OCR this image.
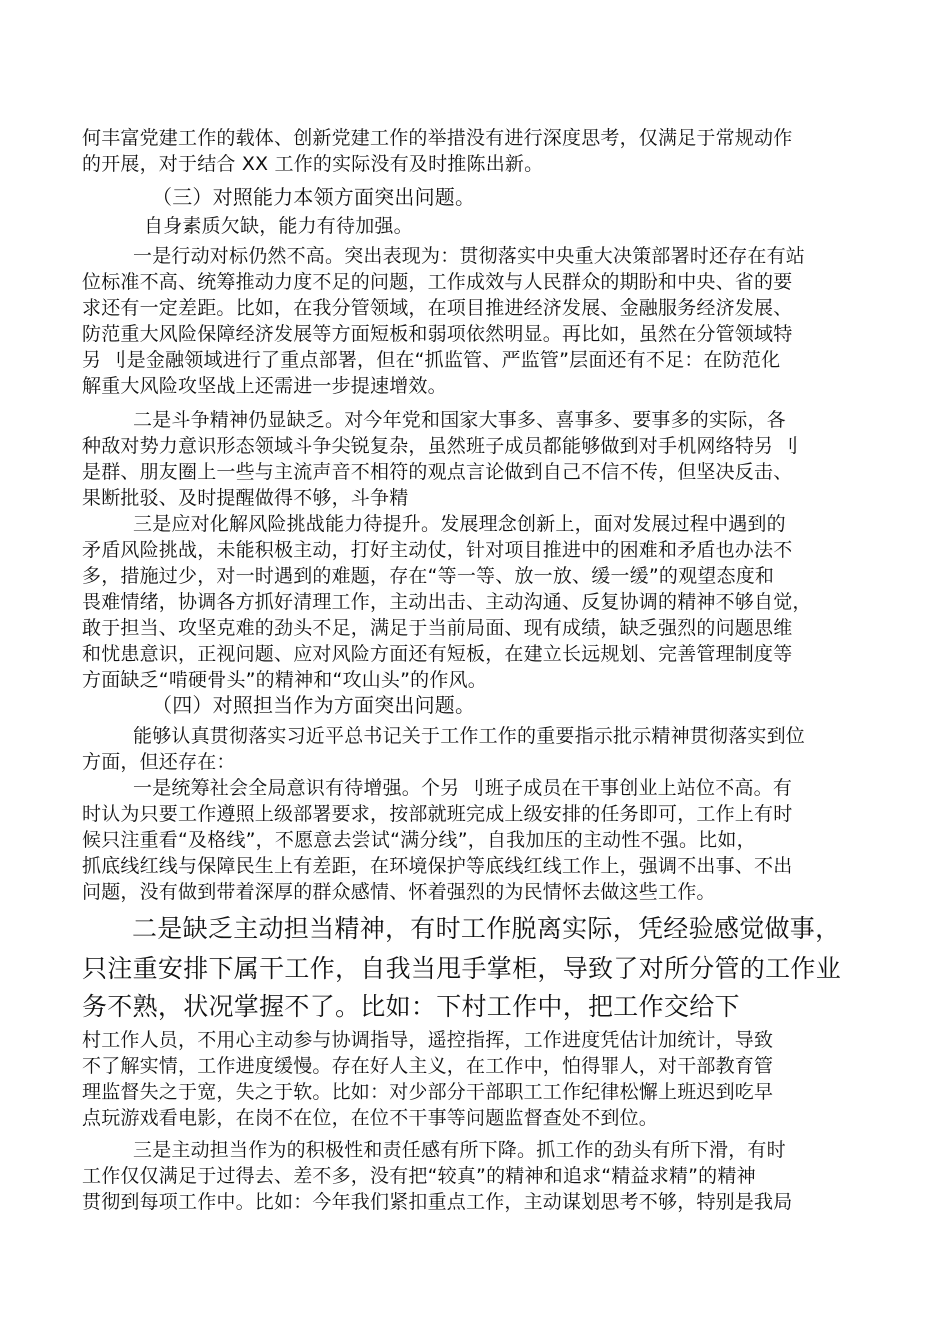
何丰富党建工作的载体、创新党建工作的举措没有进行深度思考，仅满足于常规动作
的开展，对于结合 XX 工作的实际没有及时推陈出新。
（三）对照能力本领方面突出问题。
自身素质欠缺，能力有待加强。
一是行动对标仍然不高。突出表现为：贯彻落实中央重大决策部署时还存在有站
位标准不高、统筹推动力度不足的问题，工作成效与人民群众的期盼和中央、省的要
求还有一定差距。比如，在我分管领域，在项目推进经济发展、金融服务经济发展、
防范重大风险保障经济发展等方面短板和弱项依然明显。再比如，虽然在分管领域特
另 刂是金融领域进行了重点部署，但在“抓监管、严监管”层面还有不足：在防范化
解重大风险攻坚战上还需进一步提速增效。
二是斗争精神仍显缺乏。对今年党和国家大事多、喜事多、要事多的实际，各
种敌对势力意识形态领域斗争尖锐复杂，虽然班子成员都能够做到对手机网络特另 刂
是群、朋友圈上一些与主流声音不相符的观点言论做到自己不信不传，但坚决反击、
果断批驳、及时提醒做得不够，斗争精
三是应对化解风险挑战能力待提升。发展理念创新上，面对发展过程中遇到的
矛盾风险挑战，未能积极主动，打好主动仗，针对项目推进中的困难和矛盾也办法不
多，措施过少，对一时遇到的难题，存在“等一等、放一放、缓一缓”的观望态度和
畏难情绪，协调各方抓好清理工作，主动出击、主动沟通、反复协调的精神不够自觉，
敢于担当、攻坚克难的劲头不足，满足于当前局面、现有成绩，缺乏强烈的问题思维
和忧患意识，正视问题、应对风险方面还有短板，在建立长远规划、完善管理制度等
方面缺乏“啃硬骨头”的精神和“攻山头”的作风。
（四）对照担当作为方面突出问题。
能够认真贯彻落实习近平总书记关于工作工作的重要指示批示精神贯彻落实到位
方面，但还存在：
一是统筹社会全局意识有待增强。个另 刂班子成员在干事创业上站位不高。有
时认为只要工作遵照上级部署要求，按部就班完成上级安排的任务即可，工作上有时
候只注重看“及格线”，不愿意去尝试“满分线”，自我加压的主动性不强。比如，
抓底线红线与保障民生上有差距，在环境保护等底线红线工作上，强调不出事、不出
问题，没有做到带着深厚的群众感情、怀着强烈的为民情怀去做这些工作。
二是缺乏主动担当精神，有时工作脱离实际，凭经验感觉做事，
只注重安排下属干工作，自我当甩手掌柜，导致了对所分管的工作业
务不熟，状况掌握不了。比如：下村工作中，把工作交给下
村工作人员，不用心主动参与协调指导，遥控指挥，工作进度凭估计加统计，导致
不了解实情，工作进度缓慢。存在好人主义，在工作中，怕得罪人，对干部教育管
理监督失之于宽，失之于软。比如：对少部分干部职工工作纪律松懈上班迟到吃早
点玩游戏看电影，在岗不在位，在位不干事等问题监督查处不到位。
三是主动担当作为的积极性和责任感有所下降。抓工作的劲头有所下滑，有时
工作仅仅满足于过得去、差不多，没有把“较真”的精神和追求“精益求精”的精神
贯彻到每项工作中。比如：今年我们紧扣重点工作，主动谋划思考不够，特别是我局
